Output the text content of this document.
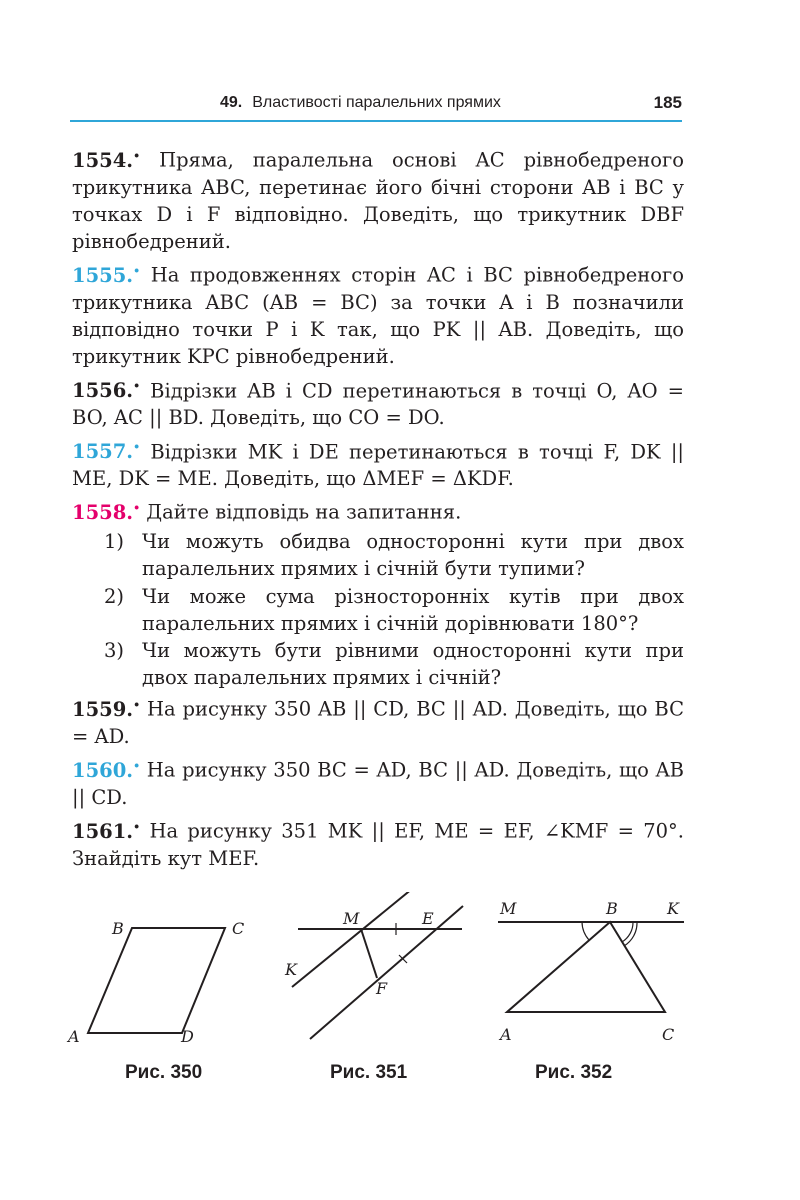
49. Властивості паралельних прямих	185
1554.• Пряма, паралельна основі AC рівнобедреного трикутника ABC, перетинає його бічні сторони AB і BC у точках D і F відповідно. Доведіть, що трикутник DBF рівнобедрений.
1555.• На продовженнях сторін AC і BC рівнобедреного трикутника ABC (AB = BC) за точки A і B позначили відповідно точки P і K так, що PK || AB. Доведіть, що трикутник KPC рівнобедрений.
1556.• Відрізки AB і CD перетинаються в точці O, AO = BO, AC || BD. Доведіть, що CO = DO.
1557.• Відрізки MK і DE перетинаються в точці F, DK || ME, DK = ME. Доведіть, що ΔMEF = ΔKDF.
1558.• Дайте відповідь на запитання.
1) Чи можуть обидва односторонні кути при двох паралельних прямих і січній бути тупими?
2) Чи може сума різносторонніх кутів при двох паралельних прямих і січній дорівнювати 180°?
3) Чи можуть бути рівними односторонні кути при двох паралельних прямих і січній?
1559.• На рисунку 350 AB || CD, BC || AD. Доведіть, що BC = AD.
1560.• На рисунку 350 BC = AD, BC || AD. Доведіть, що AB || CD.
1561.• На рисунку 351 MK || EF, ME = EF, ∠KMF = 70°. Знайдіть кут MEF.
B	C
A	D
Рис. 350
M	E
K
F
Рис. 351
M	B	K
A	C
Рис. 352
